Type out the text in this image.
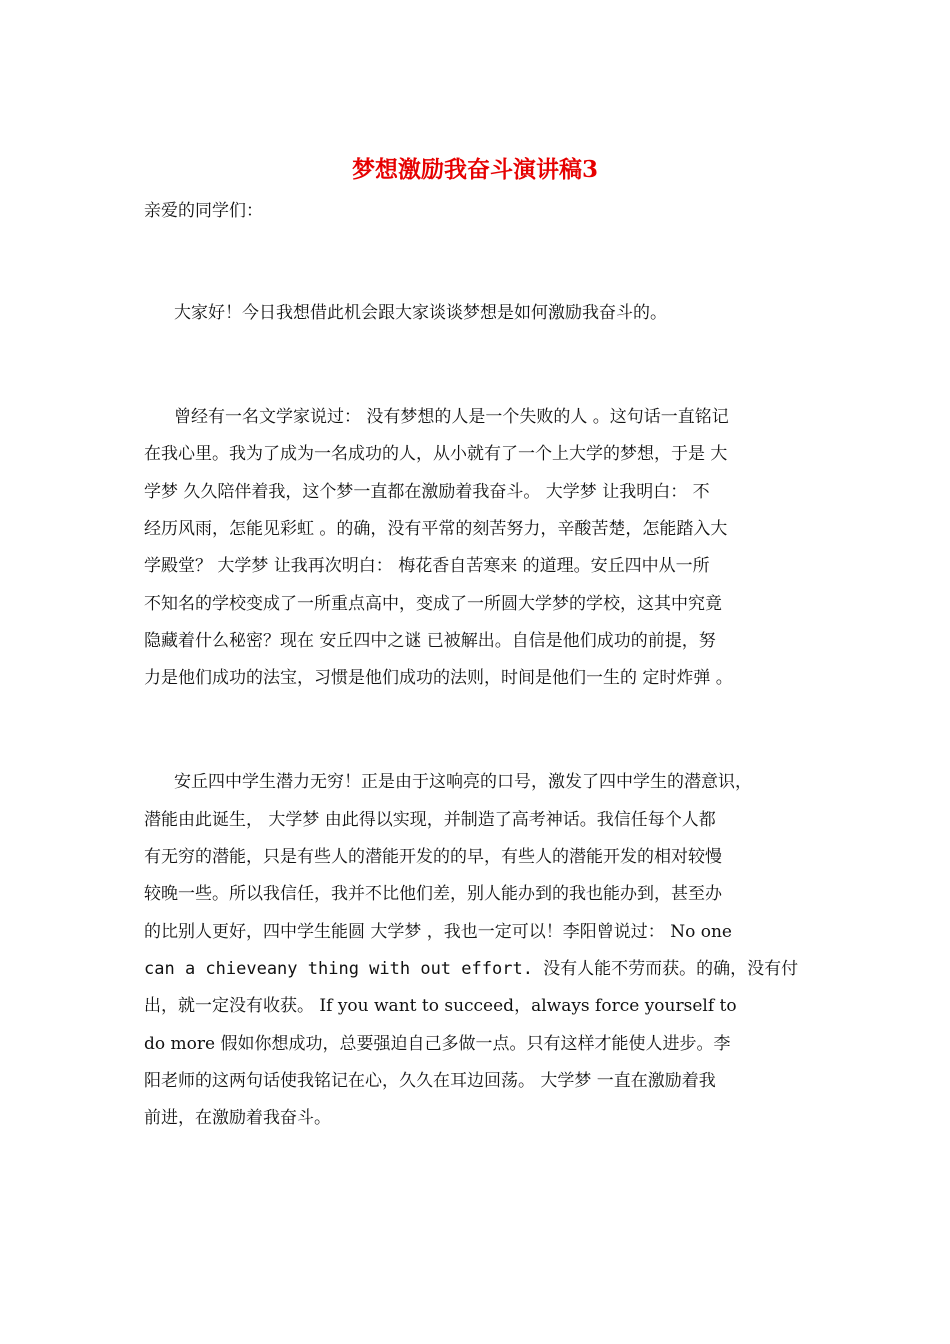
梦想激励我奋斗演讲稿3

亲爱的同学们：

大家好！今日我想借此机会跟大家谈谈梦想是如何激励我奋斗的。

曾经有一名文学家说过： 没有梦想的人是一个失败的人 。这句话一直铭记

在我心里。我为了成为一名成功的人，从小就有了一个上大学的梦想，于是 大

学梦 久久陪伴着我，这个梦一直都在激励着我奋斗。 大学梦 让我明白： 不

经历风雨，怎能见彩虹 。的确，没有平常的刻苦努力，辛酸苦楚，怎能踏入大

学殿堂？ 大学梦 让我再次明白： 梅花香自苦寒来 的道理。安丘四中从一所

不知名的学校变成了一所重点高中，变成了一所圆大学梦的学校，这其中究竟

隐藏着什么秘密？现在 安丘四中之谜 已被解出。自信是他们成功的前提，努

力是他们成功的法宝，习惯是他们成功的法则，时间是他们一生的 定时炸弹 。

安丘四中学生潜力无穷！正是由于这响亮的口号，激发了四中学生的潜意识，

潜能由此诞生， 大学梦 由此得以实现，并制造了高考神话。我信任每个人都

有无穷的潜能，只是有些人的潜能开发的的早，有些人的潜能开发的相对较慢

较晚一些。所以我信任，我并不比他们差，别人能办到的我也能办到，甚至办

的比别人更好，四中学生能圆 大学梦 ，我也一定可以！李阳曾说过： No one

can a chieveany thing with out effort. 没有人能不劳而获。的确，没有付

出，就一定没有收获。 If you want to succeed，always force yourself to

do more 假如你想成功，总要强迫自己多做一点。只有这样才能使人进步。李

阳老师的这两句话使我铭记在心，久久在耳边回荡。 大学梦 一直在激励着我

前进，在激励着我奋斗。
